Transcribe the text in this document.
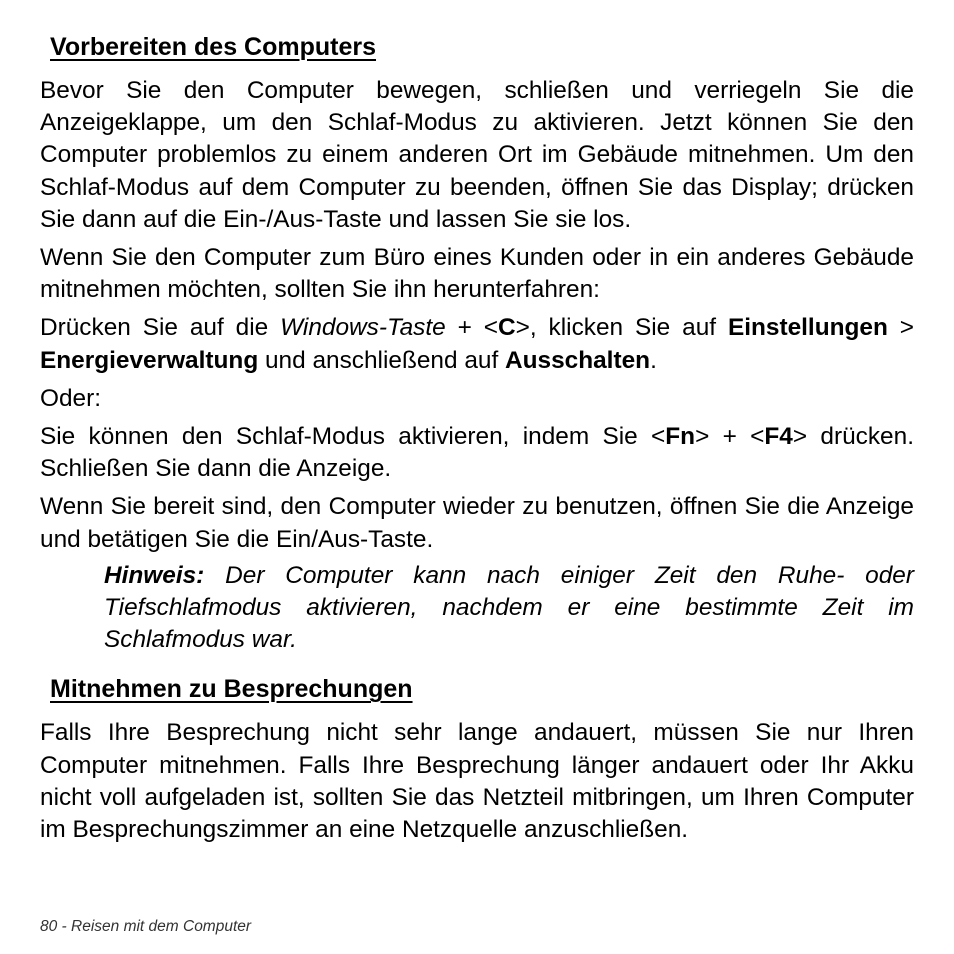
Vorbereiten des Computers

Bevor Sie den Computer bewegen, schließen und verriegeln Sie die Anzeigeklappe, um den Schlaf-Modus zu aktivieren. Jetzt können Sie den Computer problemlos zu einem anderen Ort im Gebäude mitnehmen. Um den Schlaf-Modus auf dem Computer zu beenden, öffnen Sie das Display; drücken Sie dann auf die Ein-/Aus-Taste und lassen Sie sie los.

Wenn Sie den Computer zum Büro eines Kunden oder in ein anderes Gebäude mitnehmen möchten, sollten Sie ihn herunterfahren:

Drücken Sie auf die Windows-Taste + <C>, klicken Sie auf Einstellungen > Energieverwaltung und anschließend auf Ausschalten.

Oder:

Sie können den Schlaf-Modus aktivieren, indem Sie <Fn> + <F4> drücken. Schließen Sie dann die Anzeige.

Wenn Sie bereit sind, den Computer wieder zu benutzen, öffnen Sie die Anzeige und betätigen Sie die Ein/Aus-Taste.

Hinweis: Der Computer kann nach einiger Zeit den Ruhe- oder Tiefschlafmodus aktivieren, nachdem er eine bestimmte Zeit im Schlafmodus war.

Mitnehmen zu Besprechungen

Falls Ihre Besprechung nicht sehr lange andauert, müssen Sie nur Ihren Computer mitnehmen. Falls Ihre Besprechung länger andauert oder Ihr Akku nicht voll aufgeladen ist, sollten Sie das Netzteil mitbringen, um Ihren Computer im Besprechungszimmer an eine Netzquelle anzuschließen.

80 - Reisen mit dem Computer
